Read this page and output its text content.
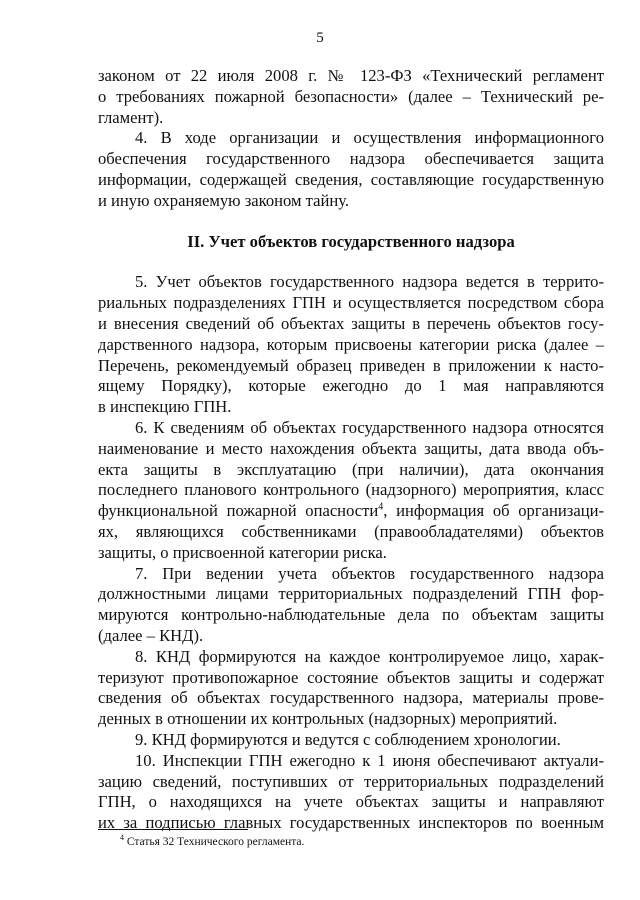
5
законом от 22 июля 2008 г. № 123-ФЗ «Технический регламент
о требованиях пожарной безопасности» (далее – Технический ре-
гламент).
4. В ходе организации и осуществления информационного
обеспечения государственного надзора обеспечивается защита
информации, содержащей сведения, составляющие государственную
и иную охраняемую законом тайну.
II. Учет объектов государственного надзора
5. Учет объектов государственного надзора ведется в террито-
риальных подразделениях ГПН и осуществляется посредством сбора
и внесения сведений об объектах защиты в перечень объектов госу-
дарственного надзора, которым присвоены категории риска (далее –
Перечень, рекомендуемый образец приведен в приложении к насто-
ящему Порядку), которые ежегодно до 1 мая направляются
в инспекцию ГПН.
6. К сведениям об объектах государственного надзора относятся
наименование и место нахождения объекта защиты, дата ввода объ-
екта защиты в эксплуатацию (при наличии), дата окончания
последнего планового контрольного (надзорного) мероприятия, класс
функциональной пожарной опасности$^4$, информация об организаци-
ях, являющихся собственниками (правообладателями) объектов
защиты, о присвоенной категории риска.
7. При ведении учета объектов государственного надзора
должностными лицами территориальных подразделений ГПН фор-
мируются контрольно-наблюдательные дела по объектам защиты
(далее – КНД).
8. КНД формируются на каждое контролируемое лицо, харак-
теризуют противопожарное состояние объектов защиты и содержат
сведения об объектах государственного надзора, материалы прове-
денных в отношении их контрольных (надзорных) мероприятий.
9. КНД формируются и ведутся с соблюдением хронологии.
10. Инспекции ГПН ежегодно к 1 июня обеспечивают актуали-
зацию сведений, поступивших от территориальных подразделений
ГПН, о находящихся на учете объектах защиты и направляют
их за подписью главных государственных инспекторов по военным
$^4$ Статья 32 Технического регламента.
